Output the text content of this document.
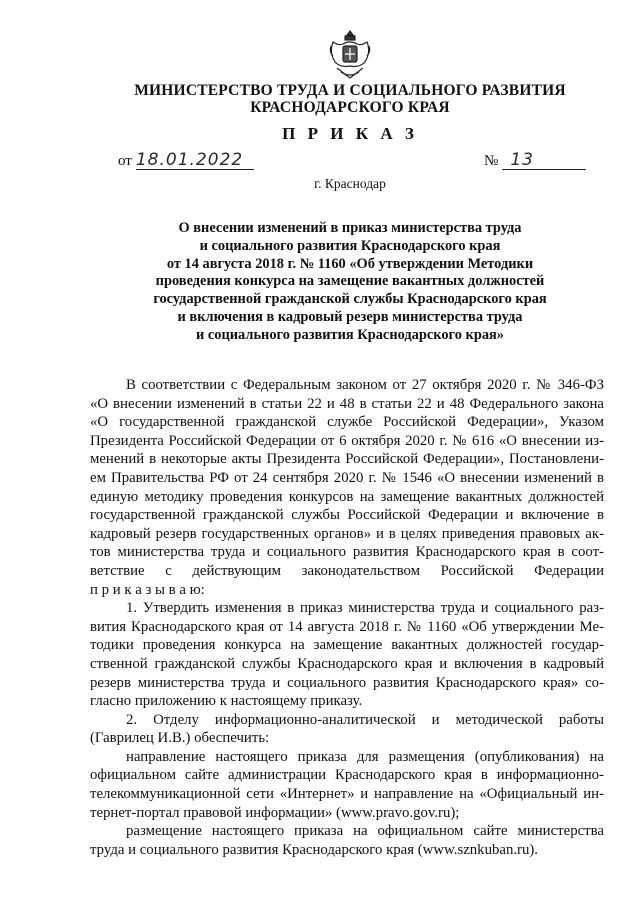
МИНИСТЕРСТВО ТРУДА И СОЦИАЛЬНОГО РАЗВИТИЯ
КРАСНОДАРСКОГО КРАЯ
П Р И К А З
от 18.01.2022	№ 13
г. Краснодар
О внесении изменений в приказ министерства труда
и социального развития Краснодарского края
от 14 августа 2018 г. № 1160 «Об утверждении Методики
проведения конкурса на замещение вакантных должностей
государственной гражданской службы Краснодарского края
и включения в кадровый резерв министерства труда
и социального развития Краснодарского края»
В соответствии с Федеральным законом от 27 октября 2020 г. № 346-ФЗ
«О внесении изменений в статьи 22 и 48 в статьи 22 и 48 Федерального закона
«О государственной гражданской службе Российской Федерации», Указом
Президента Российской Федерации от 6 октября 2020 г. № 616 «О внесении из-
менений в некоторые акты Президента Российской Федерации», Постановлени-
ем Правительства РФ от 24 сентября 2020 г. № 1546 «О внесении изменений в
единую методику проведения конкурсов на замещение вакантных должностей
государственной гражданской службы Российской Федерации и включение в
кадровый резерв государственных органов» и в целях приведения правовых ак-
тов министерства труда и социального развития Краснодарского края в соот-
ветствие с действующим законодательством Российской Федерации
п р и к а з ы в а ю:
1. Утвердить изменения в приказ министерства труда и социального раз-
вития Краснодарского края от 14 августа 2018 г. № 1160 «Об утверждении Ме-
тодики проведения конкурса на замещение вакантных должностей государ-
ственной гражданской службы Краснодарского края и включения в кадровый
резерв министерства труда и социального развития Краснодарского края» со-
гласно приложению к настоящему приказу.
2. Отделу информационно-аналитической и методической работы
(Гаврилец И.В.) обеспечить:
направление настоящего приказа для размещения (опубликования) на
официальном сайте администрации Краснодарского края в информационно-
телекоммуникационной сети «Интернет» и направление на «Официальный ин-
тернет-портал правовой информации» (www.pravo.gov.ru);
размещение настоящего приказа на официальном сайте министерства
труда и социального развития Краснодарского края (www.sznkuban.ru).
